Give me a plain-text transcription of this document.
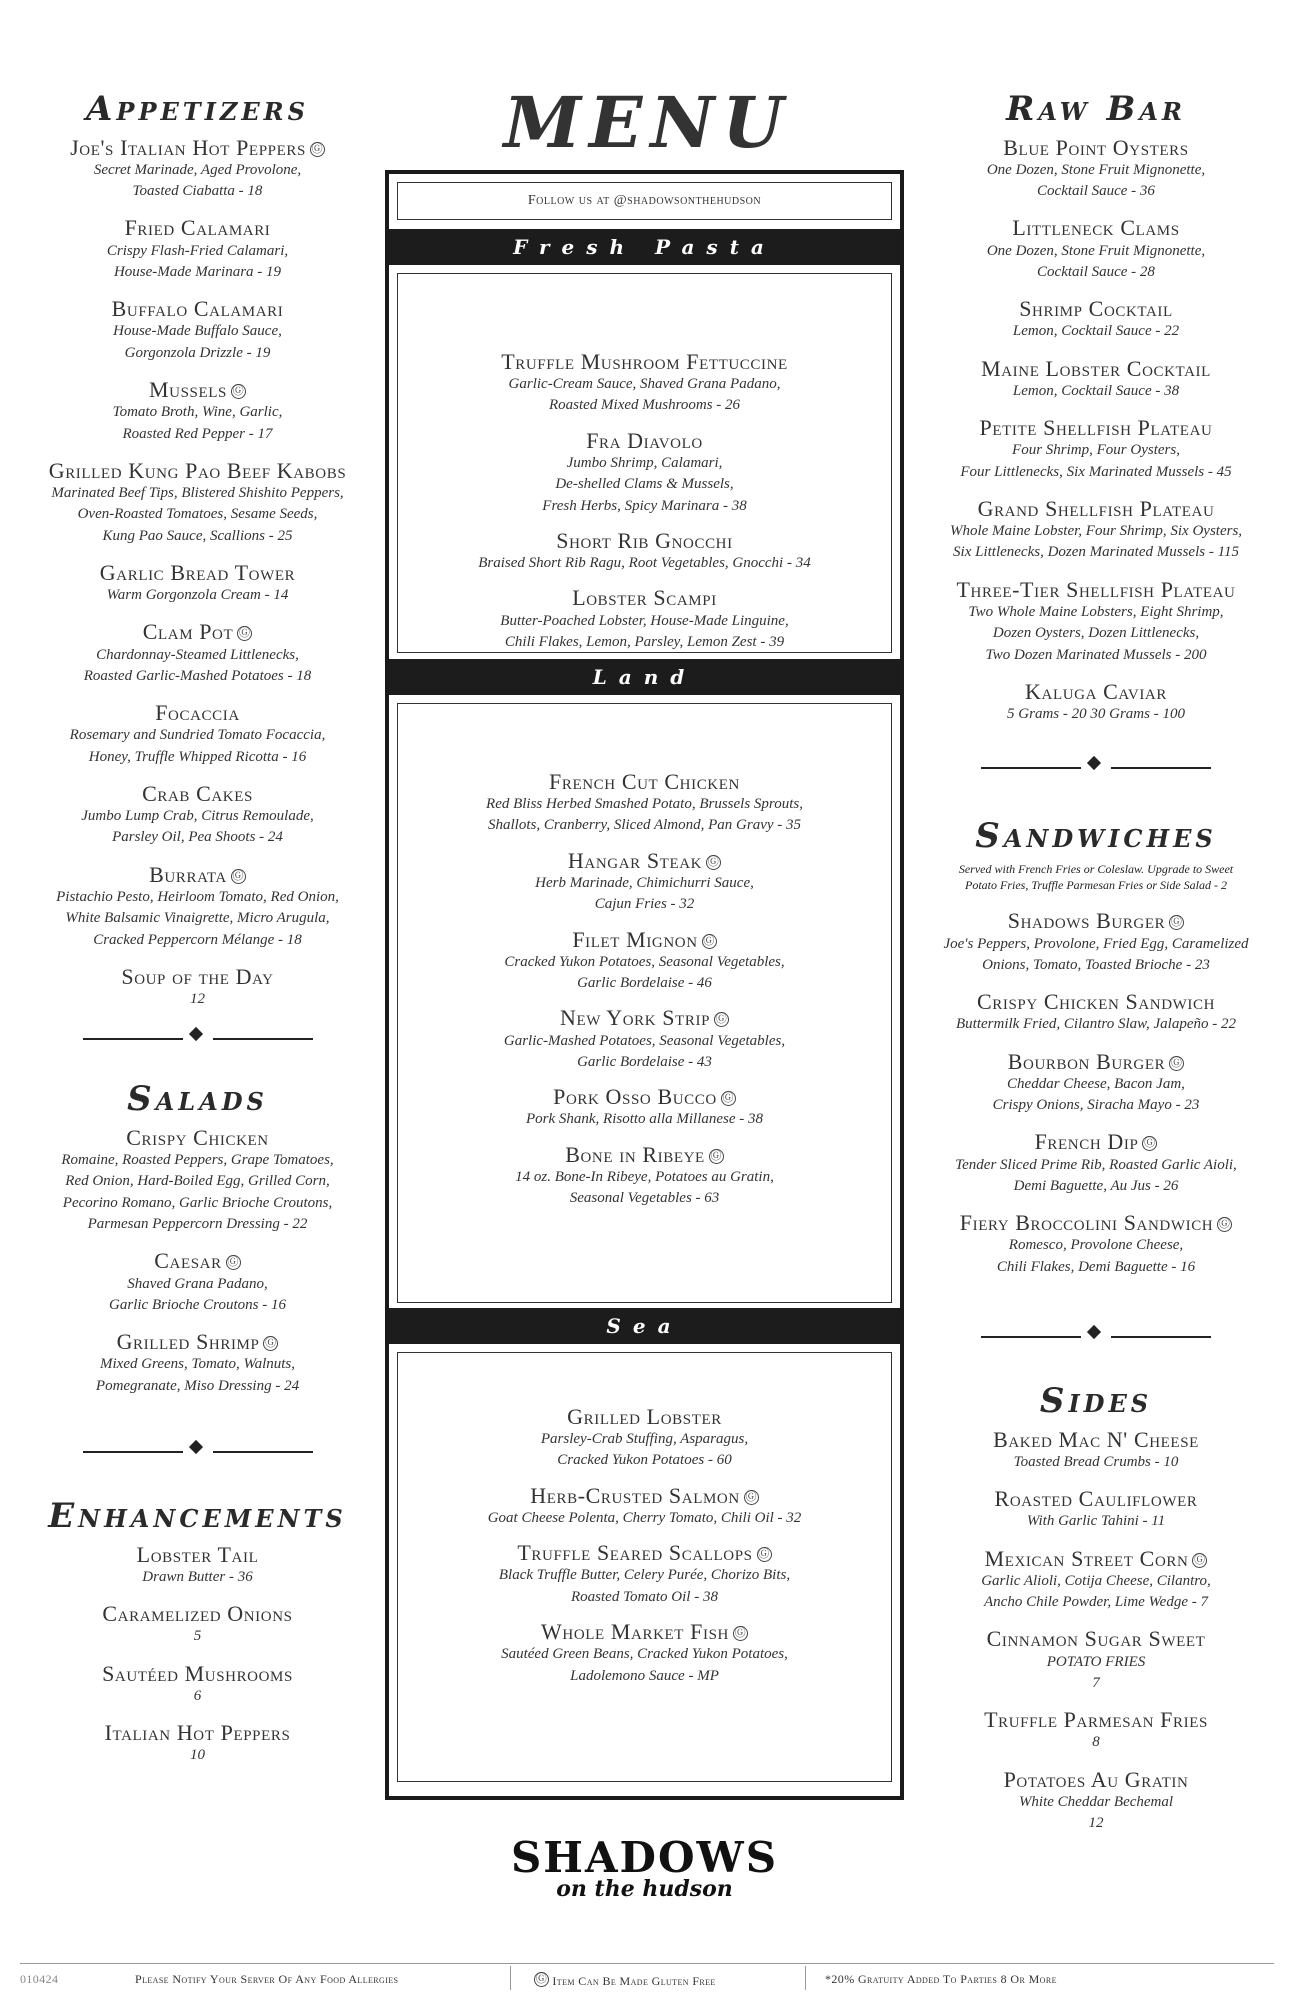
Appetizers
Joe's Italian Hot Peppers Ⓖ
Secret Marinade, Aged Provolone,
Toasted Ciabatta - 18
Fried Calamari
Crispy Flash-Fried Calamari,
House-Made Marinara - 19
Buffalo Calamari
House-Made Buffalo Sauce,
Gorgonzola Drizzle - 19
Mussels Ⓖ
Tomato Broth, Wine, Garlic,
Roasted Red Pepper - 17
Grilled Kung Pao Beef Kabobs
Marinated Beef Tips, Blistered Shishito Peppers,
Oven-Roasted Tomatoes, Sesame Seeds,
Kung Pao Sauce, Scallions - 25
Garlic Bread Tower
Warm Gorgonzola Cream - 14
Clam Pot Ⓖ
Chardonnay-Steamed Littlenecks,
Roasted Garlic-Mashed Potatoes - 18
Focaccia
Rosemary and Sundried Tomato Focaccia,
Honey, Truffle Whipped Ricotta - 16
Crab Cakes
Jumbo Lump Crab, Citrus Remoulade,
Parsley Oil, Pea Shoots - 24
Burrata Ⓖ
Pistachio Pesto, Heirloom Tomato, Red Onion,
White Balsamic Vinaigrette, Micro Arugula,
Cracked Peppercorn Mélange - 18
Soup of the Day
12
Salads
Crispy Chicken
Romaine, Roasted Peppers, Grape Tomatoes,
Red Onion, Hard-Boiled Egg, Grilled Corn,
Pecorino Romano, Garlic Brioche Croutons,
Parmesan Peppercorn Dressing - 22
Caesar Ⓖ
Shaved Grana Padano,
Garlic Brioche Croutons - 16
Grilled Shrimp Ⓖ
Mixed Greens, Tomato, Walnuts,
Pomegranate, Miso Dressing - 24
Enhancements
Lobster Tail
Drawn Butter - 36
Caramelized Onions
5
Sautéed Mushrooms
6
Italian Hot Peppers
10
MENU
Follow us at @shadowsonthehudson
Fresh Pasta
Truffle Mushroom Fettuccine
Garlic-Cream Sauce, Shaved Grana Padano,
Roasted Mixed Mushrooms - 26
Fra Diavolo
Jumbo Shrimp, Calamari,
De-shelled Clams & Mussels,
Fresh Herbs, Spicy Marinara - 38
Short Rib Gnocchi
Braised Short Rib Ragu, Root Vegetables, Gnocchi - 34
Lobster Scampi
Butter-Poached Lobster, House-Made Linguine,
Chili Flakes, Lemon, Parsley, Lemon Zest - 39
Land
French Cut Chicken
Red Bliss Herbed Smashed Potato, Brussels Sprouts,
Shallots, Cranberry, Sliced Almond, Pan Gravy - 35
Hangar Steak Ⓖ
Herb Marinade, Chimichurri Sauce,
Cajun Fries - 32
Filet Mignon Ⓖ
Cracked Yukon Potatoes, Seasonal Vegetables,
Garlic Bordelaise - 46
New York Strip Ⓖ
Garlic-Mashed Potatoes, Seasonal Vegetables,
Garlic Bordelaise - 43
Pork Osso Bucco Ⓖ
Pork Shank, Risotto alla Millanese - 38
Bone in Ribeye Ⓖ
14 oz. Bone-In Ribeye, Potatoes au Gratin,
Seasonal Vegetables - 63
Sea
Grilled Lobster
Parsley-Crab Stuffing, Asparagus,
Cracked Yukon Potatoes - 60
Herb-Crusted Salmon Ⓖ
Goat Cheese Polenta, Cherry Tomato, Chili Oil - 32
Truffle Seared Scallops Ⓖ
Black Truffle Butter, Celery Purée, Chorizo Bits,
Roasted Tomato Oil - 38
Whole Market Fish Ⓖ
Sautéed Green Beans, Cracked Yukon Potatoes,
Ladolemono Sauce - MP
SHADOWS
on the hudson
Raw Bar
Blue Point Oysters
One Dozen, Stone Fruit Mignonette,
Cocktail Sauce - 36
Littleneck Clams
One Dozen, Stone Fruit Mignonette,
Cocktail Sauce - 28
Shrimp Cocktail
Lemon, Cocktail Sauce - 22
Maine Lobster Cocktail
Lemon, Cocktail Sauce - 38
Petite Shellfish Plateau
Four Shrimp, Four Oysters,
Four Littlenecks, Six Marinated Mussels - 45
Grand Shellfish Plateau
Whole Maine Lobster, Four Shrimp, Six Oysters,
Six Littlenecks, Dozen Marinated Mussels - 115
Three-Tier Shellfish Plateau
Two Whole Maine Lobsters, Eight Shrimp,
Dozen Oysters, Dozen Littlenecks,
Two Dozen Marinated Mussels - 200
Kaluga Caviar
5 Grams - 20 30 Grams - 100
Sandwiches
Served with French Fries or Coleslaw. Upgrade to Sweet
Potato Fries, Truffle Parmesan Fries or Side Salad - 2
Shadows Burger Ⓖ
Joe's Peppers, Provolone, Fried Egg, Caramelized
Onions, Tomato, Toasted Brioche - 23
Crispy Chicken Sandwich
Buttermilk Fried, Cilantro Slaw, Jalapeño - 22
Bourbon Burger Ⓖ
Cheddar Cheese, Bacon Jam,
Crispy Onions, Siracha Mayo - 23
French Dip Ⓖ
Tender Sliced Prime Rib, Roasted Garlic Aioli,
Demi Baguette, Au Jus - 26
Fiery Broccolini Sandwich Ⓖ
Romesco, Provolone Cheese,
Chili Flakes, Demi Baguette - 16
Sides
Baked Mac N' Cheese
Toasted Bread Crumbs - 10
Roasted Cauliflower
With Garlic Tahini - 11
Mexican Street Corn Ⓖ
Garlic Alioli, Cotija Cheese, Cilantro,
Ancho Chile Powder, Lime Wedge - 7
Cinnamon Sugar Sweet
POTATO FRIES
7
Truffle Parmesan Fries
8
Potatoes Au Gratin
White Cheddar Bechemal
12
010424	Please Notify Your Server Of Any Food Allergies	Ⓖ Item Can Be Made Gluten Free	*20% Gratuity Added To Parties 8 Or More
